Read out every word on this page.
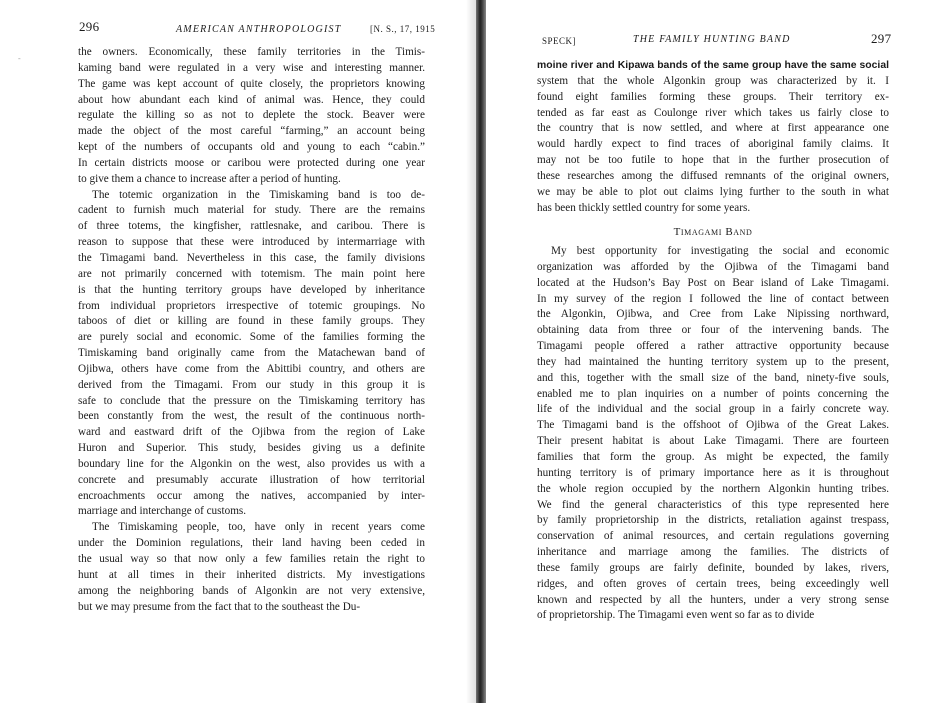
-
296	AMERICAN ANTHROPOLOGIST	[N. S., 17, 1915
the owners. Economically, these family territories in the Timis-
kaming band were regulated in a very wise and interesting manner.
The game was kept account of quite closely, the proprietors knowing
about how abundant each kind of animal was. Hence, they could
regulate the killing so as not to deplete the stock. Beaver were
made the object of the most careful “farming,” an account being
kept of the numbers of occupants old and young to each “cabin.”
In certain districts moose or caribou were protected during one year
to give them a chance to increase after a period of hunting.
The totemic organization in the Timiskaming band is too de-
cadent to furnish much material for study. There are the remains
of three totems, the kingfisher, rattlesnake, and caribou. There is
reason to suppose that these were introduced by intermarriage with
the Timagami band. Nevertheless in this case, the family divisions
are not primarily concerned with totemism. The main point here
is that the hunting territory groups have developed by inheritance
from individual proprietors irrespective of totemic groupings. No
taboos of diet or killing are found in these family groups. They
are purely social and economic. Some of the families forming the
Timiskaming band originally came from the Matachewan band of
Ojibwa, others have come from the Abittibi country, and others are
derived from the Timagami. From our study in this group it is
safe to conclude that the pressure on the Timiskaming territory has
been constantly from the west, the result of the continuous north-
ward and eastward drift of the Ojibwa from the region of Lake
Huron and Superior. This study, besides giving us a definite
boundary line for the Algonkin on the west, also provides us with a
concrete and presumably accurate illustration of how territorial
encroachments occur among the natives, accompanied by inter-
marriage and interchange of customs.
The Timiskaming people, too, have only in recent years come
under the Dominion regulations, their land having been ceded in
the usual way so that now only a few families retain the right to
hunt at all times in their inherited districts. My investigations
among the neighboring bands of Algonkin are not very extensive,
but we may presume from the fact that to the southeast the Du-
SPECK]	THE FAMILY HUNTING BAND	297
moine river and Kipawa bands of the same group have the same social
system that the whole Algonkin group was characterized by it. I
found eight families forming these groups. Their territory ex-
tended as far east as Coulonge river which takes us fairly close to
the country that is now settled, and where at first appearance one
would hardly expect to find traces of aboriginal family claims. It
may not be too futile to hope that in the further prosecution of
these researches among the diffused remnants of the original owners,
we may be able to plot out claims lying further to the south in what
has been thickly settled country for some years.
Timagami Band
My best opportunity for investigating the social and economic
organization was afforded by the Ojibwa of the Timagami band
located at the Hudson’s Bay Post on Bear island of Lake Timagami.
In my survey of the region I followed the line of contact between
the Algonkin, Ojibwa, and Cree from Lake Nipissing northward,
obtaining data from three or four of the intervening bands. The
Timagami people offered a rather attractive opportunity because
they had maintained the hunting territory system up to the present,
and this, together with the small size of the band, ninety-five souls,
enabled me to plan inquiries on a number of points concerning the
life of the individual and the social group in a fairly concrete way.
The Timagami band is the offshoot of Ojibwa of the Great Lakes.
Their present habitat is about Lake Timagami. There are fourteen
families that form the group. As might be expected, the family
hunting territory is of primary importance here as it is throughout
the whole region occupied by the northern Algonkin hunting tribes.
We find the general characteristics of this type represented here
by family proprietorship in the districts, retaliation against trespass,
conservation of animal resources, and certain regulations governing
inheritance and marriage among the families. The districts of
these family groups are fairly definite, bounded by lakes, rivers,
ridges, and often groves of certain trees, being exceedingly well
known and respected by all the hunters, under a very strong sense
of proprietorship. The Timagami even went so far as to divide
